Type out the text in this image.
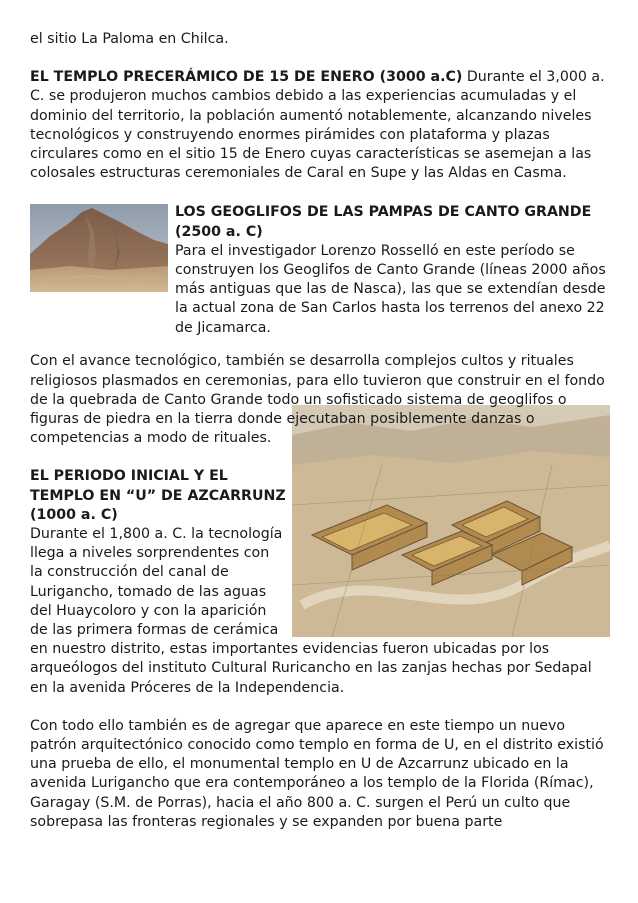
el sitio La Paloma en Chilca.

EL TEMPLO PRECERÁMICO DE 15 DE ENERO (3000 a.C) Durante el 3,000 a. C. se produjeron muchos cambios debido a las experiencias acumuladas y el dominio del territorio, la población aumentó notablemente, alcanzando niveles tecnológicos y construyendo enormes pirámides con plataforma y plazas circulares como en el sitio 15 de Enero cuyas características se asemejan a las colosales estructuras ceremoniales de Caral en Supe y las Aldas en Casma.

LOS GEOGLIFOS DE LAS PAMPAS DE CANTO GRANDE (2500 a. C)

Para el investigador Lorenzo Rosselló en este período se construyen los Geoglifos de Canto Grande (líneas 2000 años más antiguas que las de Nasca), las que se extendían desde la actual zona de San Carlos hasta los terrenos del anexo 22 de Jicamarca.

Con el avance tecnológico, también se desarrolla complejos cultos y rituales religiosos plasmados en ceremonias, para ello tuvieron que construir en el fondo de la quebrada de Canto Grande todo un sofisticado sistema de geoglifos o figuras de piedra en la tierra donde ejecutaban posiblemente danzas o competencias a modo de rituales.

EL PERIODO INICIAL Y EL TEMPLO EN “U” DE AZCARRUNZ (1000 a. C)

Durante el 1,800 a. C. la tecnología llega a niveles sorprendentes con la construcción del canal de Luriganchо, tomado de las aguas del Huaycoloro y con la aparición de las primera formas de cerámica en nuestro distrito, estas importantes evidencias fueron ubicadas por los arqueólogos del instituto Cultural Ruricancho en las zanjas hechas por Sedapal en la avenida Próceres de la Independencia.

Con todo ello también es de agregar que aparece en este tiempo un nuevo patrón arquitectónico conocido como templo en forma de U, en el distrito existió una prueba de ello, el monumental templo en U de Azcarrunz ubicado en la avenida Luriganchо que era contemporáneo a los templo de la Florida (Rímac), Garagay (S.M. de Porras), hacia el año 800 a. C. surgen el Perú un culto que sobrepasa las fronteras regionales y se expanden por buena parte
